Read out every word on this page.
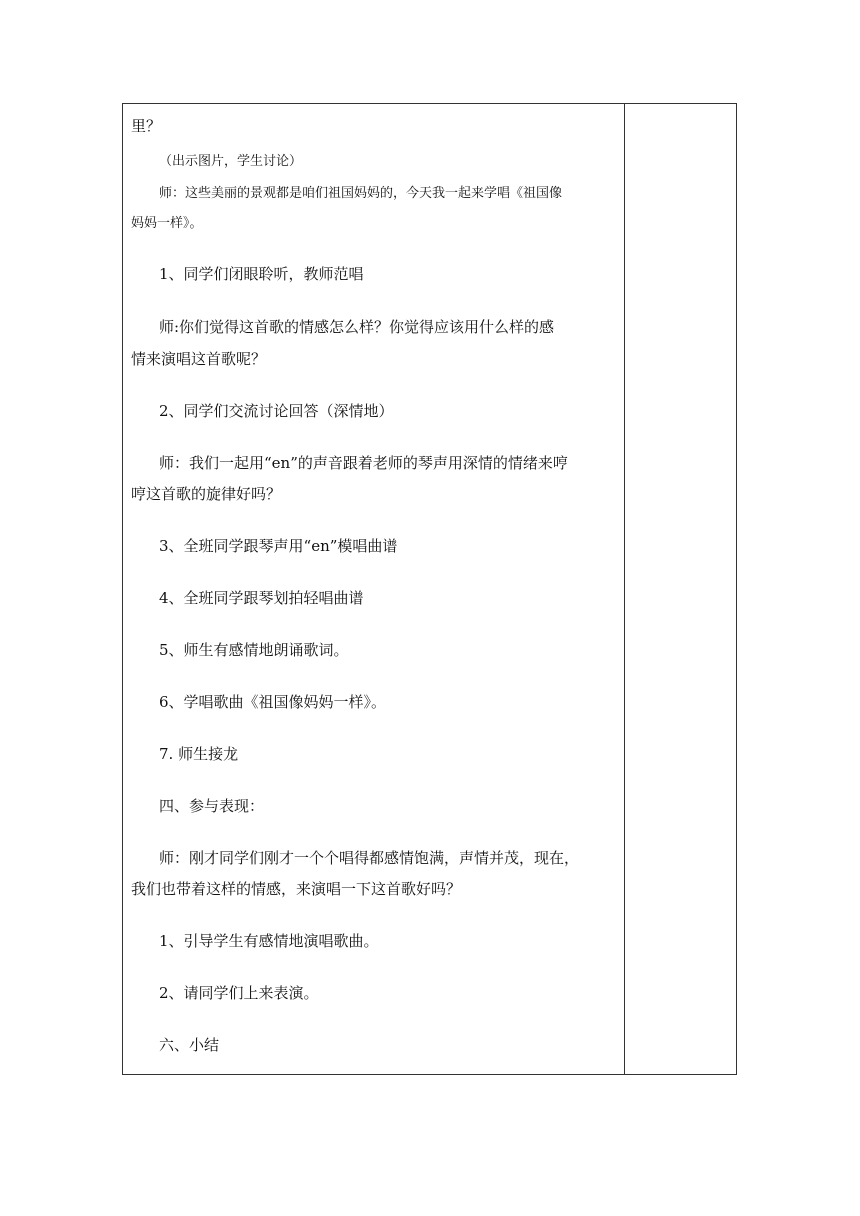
里？

（出示图片，学生讨论）

师：这些美丽的景观都是咱们祖国妈妈的，今天我一起来学唱《祖国像

妈妈一样》。

1、同学们闭眼聆听，教师范唱

师:你们觉得这首歌的情感怎么样？你觉得应该用什么样的感

情来演唱这首歌呢？

2、同学们交流讨论回答（深情地）

师：我们一起用“en”的声音跟着老师的琴声用深情的情绪来哼

哼这首歌的旋律好吗？

3、全班同学跟琴声用“en”模唱曲谱

4、全班同学跟琴划拍轻唱曲谱

5、师生有感情地朗诵歌词。

6、学唱歌曲《祖国像妈妈一样》。

7. 师生接龙

四、参与表现：

师：刚才同学们刚才一个个唱得都感情饱满，声情并茂，现在，

我们也带着这样的情感，来演唱一下这首歌好吗？

1、引导学生有感情地演唱歌曲。

2、请同学们上来表演。

六、小结
